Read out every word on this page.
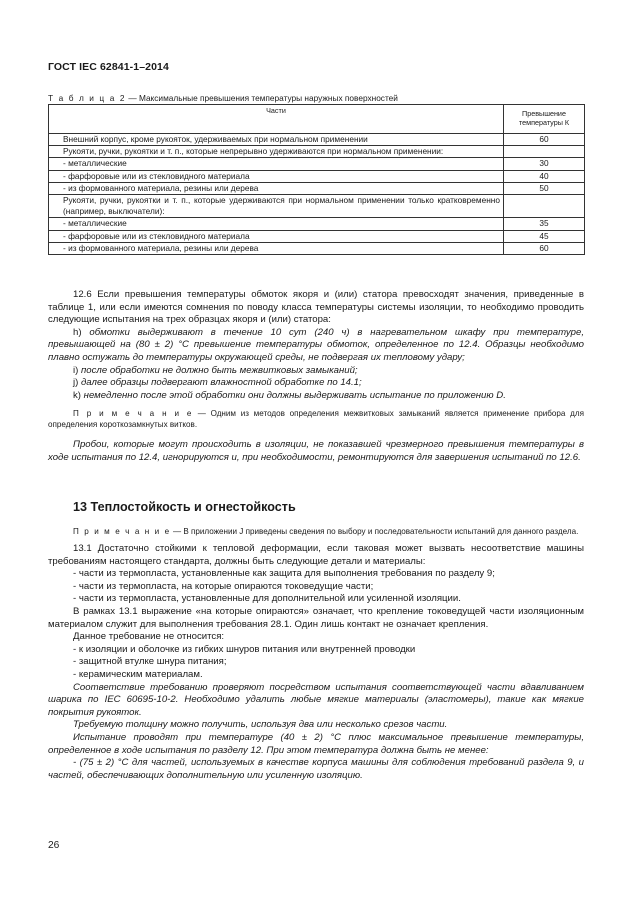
ГОСТ IEC 62841-1–2014
Т а б л и ц а 2 — Максимальные превышения температуры наружных поверхностей
Части	Превышение температуры К
Внешний корпус, кроме рукояток, удерживаемых при нормальном применении	60
Рукояти, ручки, рукоятки и т. п., которые непрерывно удерживаются при нормальном применении:	
- металлические	30
- фарфоровые или из стекловидного материала	40
- из формованного материала, резины или дерева	50
Рукояти, ручки, рукоятки и т. п., которые удерживаются при нормальном применении только кратковременно (например, выключатели):	
- металлические	35
- фарфоровые или из стекловидного материала	45
- из формованного материала, резины или дерева	60

12.6 Если превышения температуры обмоток якоря и (или) статора превосходят значения, приведенные в таблице 1, или если имеются сомнения по поводу класса температуры системы изоляции, то необходимо проводить следующие испытания на трех образцах якоря и (или) статора:

h) обмотки выдерживают в течение 10 сут (240 ч) в нагревательном шкафу при температуре, превышающей на (80 ± 2) °С превышение температуры обмоток, определенное по 12.4. Образцы необходимо плавно остужать до температуры окружающей среды, не подвергая их тепловому удару;

i) после обработки не должно быть межвитковых замыканий;

j) далее образцы подвергают влажностной обработке по 14.1;

k) немедленно после этой обработки они должны выдерживать испытание по приложению D.

П р и м е ч а н и е — Одним из методов определения межвитковых замыканий является применение прибора для определения короткозамкнутых витков.

Пробои, которые могут происходить в изоляции, не показавшей чрезмерного превышения температуры в ходе испытания по 12.4, игнорируются и, при необходимости, ремонтируются для завершения испытаний по 12.6.

13 Теплостойкость и огнестойкость

П р и м е ч а н и е — В приложении J приведены сведения по выбору и последовательности испытаний для данного раздела.

13.1 Достаточно стойкими к тепловой деформации, если таковая может вызвать несоответствие машины требованиям настоящего стандарта, должны быть следующие детали и материалы:

- части из термопласта, установленные как защита для выполнения требования по разделу 9;

- части из термопласта, на которые опираются токоведущие части;

- части из термопласта, установленные для дополнительной или усиленной изоляции.

В рамках 13.1 выражение «на которые опираются» означает, что крепление токоведущей части изоляционным материалом служит для выполнения требования 28.1. Один лишь контакт не означает крепления.

Данное требование не относится:

- к изоляции и оболочке из гибких шнуров питания или внутренней проводки

- защитной втулке шнура питания;

- керамическим материалам.

Соответствие требованию проверяют посредством испытания соответствующей части вдавливанием шарика по IEC 60695-10-2. Необходимо удалить любые мягкие материалы (эластомеры), такие как мягкие покрытия рукояток.

Требуемую толщину можно получить, используя два или несколько срезов части.

Испытание проводят при температуре (40 ± 2) °С плюс максимальное превышение температуры, определенное в ходе испытания по разделу 12. При этом температура должна быть не менее:

- (75 ± 2) °С для частей, используемых в качестве корпуса машины для соблюдения требований раздела 9, и частей, обеспечивающих дополнительную или усиленную изоляцию.

26
